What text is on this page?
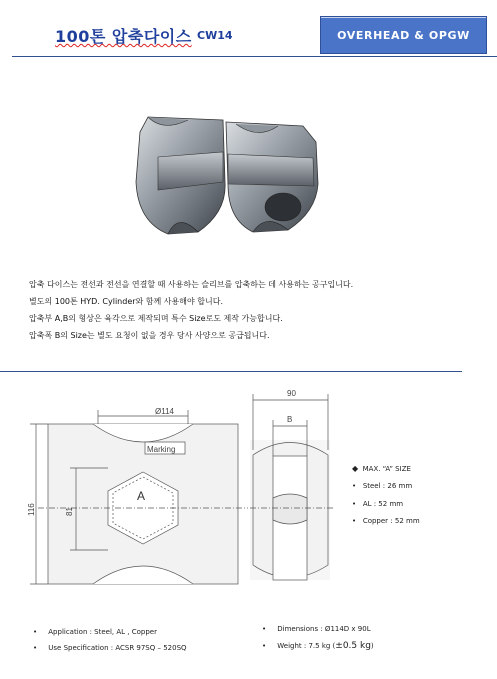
100톤 압축다이스 CW14	OVERHEAD & OPGW
압축 다이스는 전선과 전선을 연결할 때 사용하는 슬리브를 압축하는 데 사용하는 공구입니다.
별도의 100톤 HYD. Cylinder와 함께 사용해야 합니다.
압축부 A,B의 형상은 육각으로 제작되며 특수 Size로도 제작 가능합니다.
압축폭 B의 Size는 별도 요청이 없을 경우 당사 사양으로 공급됩니다.
Ø114
Marking
A
90
B
116	81
◆ MAX. “A” SIZE
•   Steel : 26 mm
•   AL : 52 mm
•   Copper : 52 mm
•     Application : Steel, AL , Copper
•     Use Specification : ACSR 97SQ – 520SQ
•     Dimensions : Ø114D x 90L
•     Weight : 7.5 kg (±0.5 kg)
